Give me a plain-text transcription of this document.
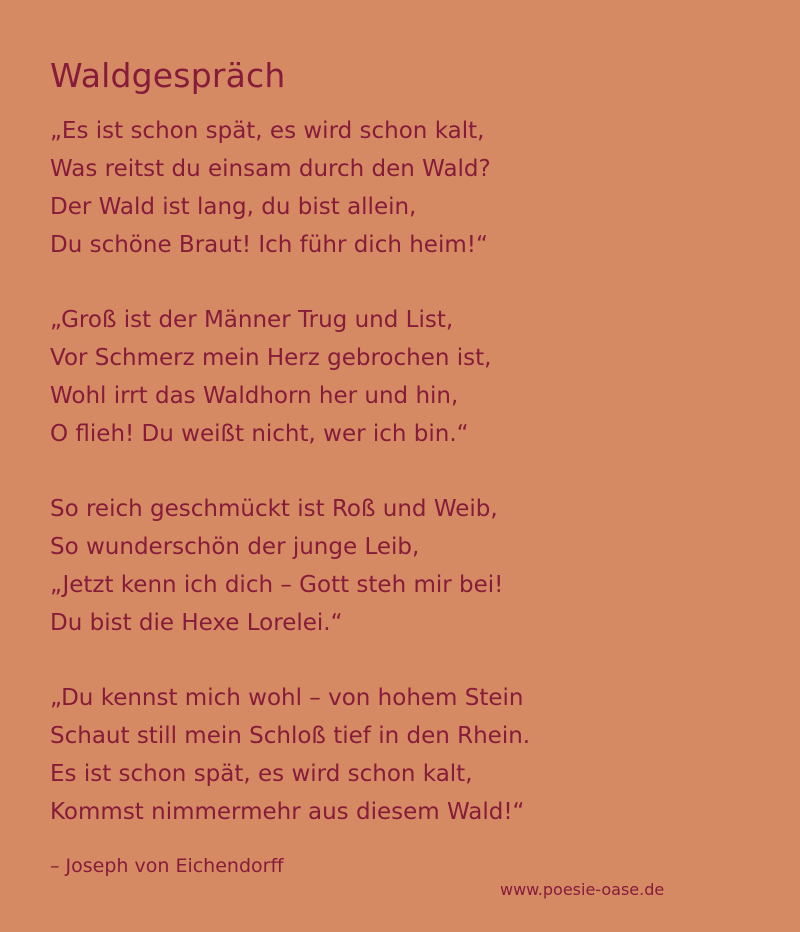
Waldgespräch
„Es ist schon spät, es wird schon kalt,
Was reitst du einsam durch den Wald?
Der Wald ist lang, du bist allein,
Du schöne Braut! Ich führ dich heim!“
„Groß ist der Männer Trug und List,
Vor Schmerz mein Herz gebrochen ist,
Wohl irrt das Waldhorn her und hin,
O flieh! Du weißt nicht, wer ich bin.“
So reich geschmückt ist Roß und Weib,
So wunderschön der junge Leib,
„Jetzt kenn ich dich – Gott steh mir bei!
Du bist die Hexe Lorelei.“
„Du kennst mich wohl – von hohem Stein
Schaut still mein Schloß tief in den Rhein.
Es ist schon spät, es wird schon kalt,
Kommst nimmermehr aus diesem Wald!“
– Joseph von Eichendorff
www.poesie-oase.de
